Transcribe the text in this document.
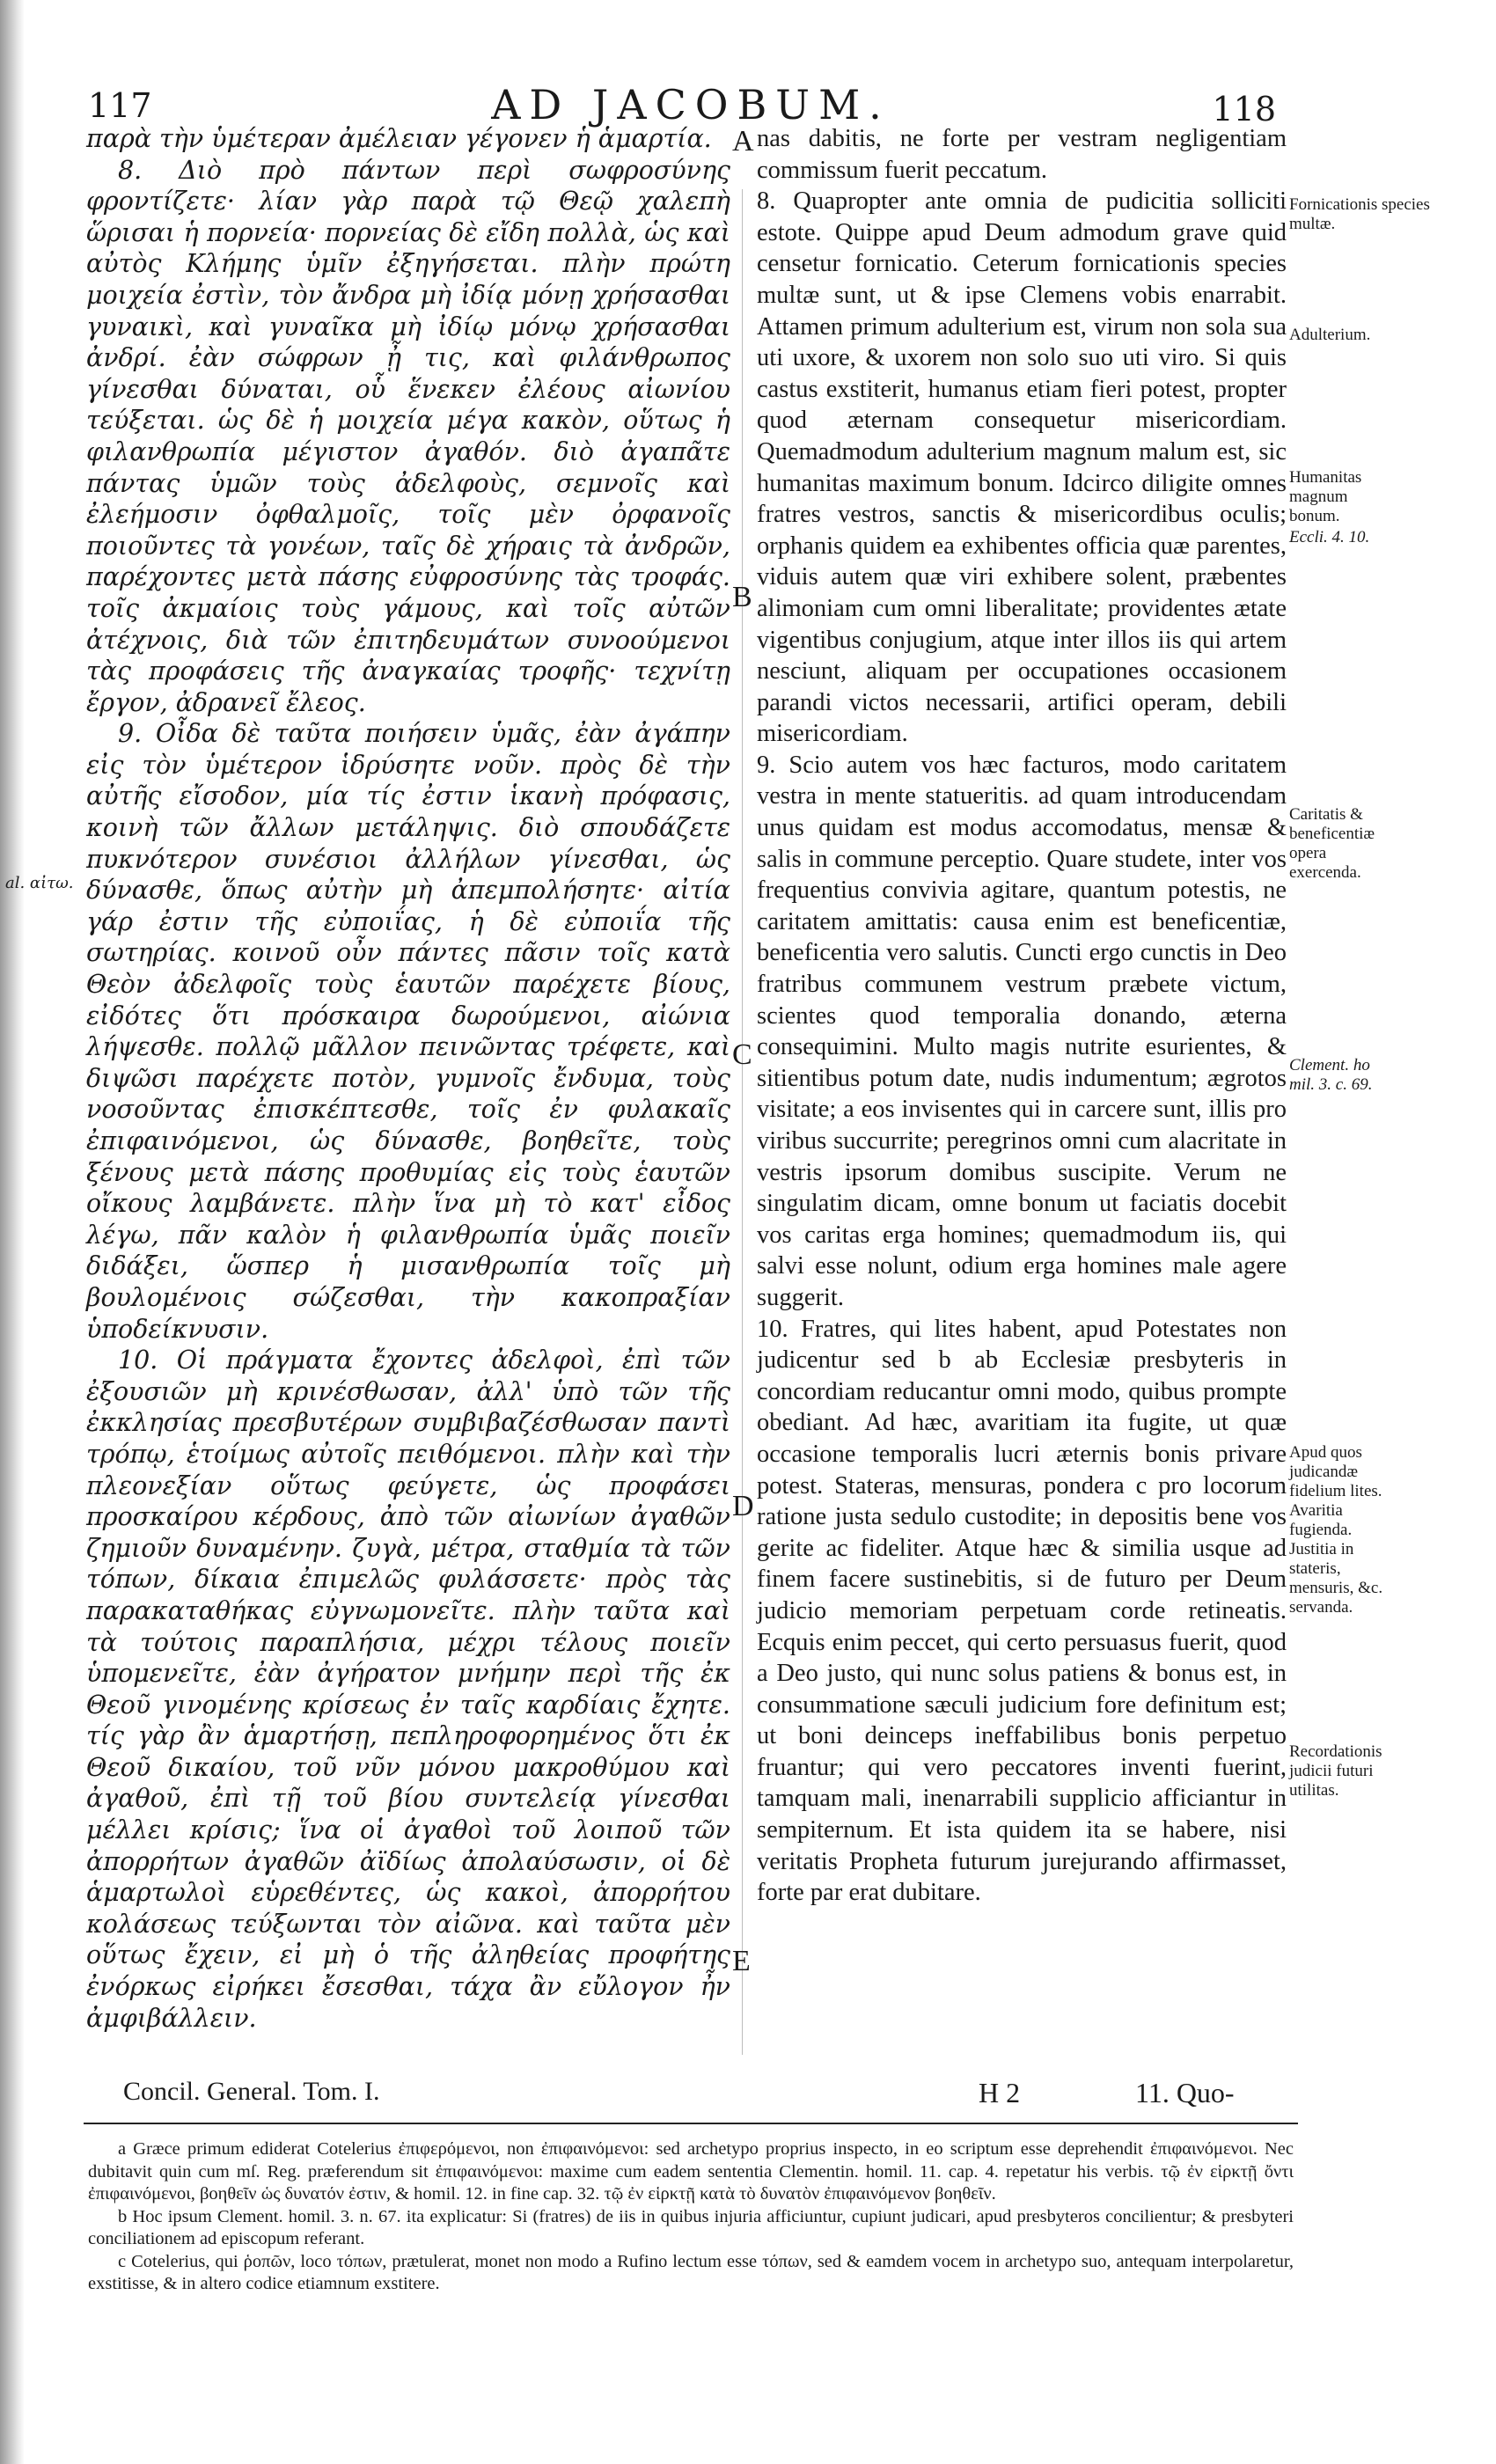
117	AD JACOBUM.	118

παρὰ τὴν ὑμέτεραν ἀμέλειαν γέγονεν ἡ ἁμαρτία.

8. Διὸ πρὸ πάντων περὶ σωφροσύνης φροντίζετε· λίαν γὰρ παρὰ τῷ Θεῷ χαλεπὴ ὥρισαι ἡ πορνεία· πορνείας δὲ εἴδη πολλὰ, ὡς καὶ αὐτὸς Κλήμης ὑμῖν ἐξηγήσεται. πλὴν πρώτη μοιχεία ἐστὶν, τὸν ἄνδρα μὴ ἰδίᾳ μόνῃ χρήσασθαι γυναικὶ, καὶ γυναῖκα μὴ ἰδίῳ μόνῳ χρήσασθαι ἀνδρί. ἐὰν σώφρων ᾖ τις, καὶ φιλάνθρωπος γίνεσθαι δύναται, οὗ ἕνεκεν ἐλέους αἰωνίου τεύξεται. ὡς δὲ ἡ μοιχεία μέγα κακὸν, οὕτως ἡ φιλανθρωπία μέγιστον ἀγαθόν. διὸ ἀγαπᾶτε πάντας ὑμῶν τοὺς ἀδελφοὺς, σεμνοῖς καὶ ἐλεήμοσιν ὀφθαλμοῖς, τοῖς μὲν ὀρφανοῖς ποιοῦντες τὰ γονέων, ταῖς δὲ χήραις τὰ ἀνδρῶν, παρέχοντες μετὰ πάσης εὐφροσύνης τὰς τροφάς. τοῖς ἀκμαίοις τοὺς γάμους, καὶ τοῖς αὐτῶν ἀτέχνοις, διὰ τῶν ἐπιτηδευμάτων συνοούμενοι τὰς προφάσεις τῆς ἀναγκαίας τροφῆς· τεχνίτῃ ἔργον, ἀδρανεῖ ἔλεος.

9. Οἶδα δὲ ταῦτα ποιήσειν ὑμᾶς, ἐὰν ἀγάπην εἰς τὸν ὑμέτερον ἱδρύσητε νοῦν. πρὸς δὲ τὴν αὐτῆς εἴσοδον, μία τίς ἐστιν ἱκανὴ πρόφασις, κοινὴ τῶν ἄλλων μετάληψις. διὸ σπουδάζετε πυκνότερον συνέσιοι ἀλλήλων γίνεσθαι, ὡς δύνασθε, ὅπως αὐτὴν μὴ ἀπεμπολήσητε· αἰτία γάρ ἐστιν τῆς εὐποιΐας, ἡ δὲ εὐποιΐα τῆς σωτηρίας. κοινοῦ οὖν πάντες πᾶσιν τοῖς κατὰ Θεὸν ἀδελφοῖς τοὺς ἑαυτῶν παρέχετε βίους, εἰδότες ὅτι πρόσκαιρα δωρούμενοι, αἰώνια λήψεσθε. πολλῷ μᾶλλον πεινῶντας τρέφετε, καὶ διψῶσι παρέχετε ποτὸν, γυμνοῖς ἔνδυμα, τοὺς νοσοῦντας ἐπισκέπτεσθε, τοῖς ἐν φυλακαῖς ἐπιφαινόμενοι, ὡς δύνασθε, βοηθεῖτε, τοὺς ξένους μετὰ πάσης προθυμίας εἰς τοὺς ἑαυτῶν οἴκους λαμβάνετε. πλὴν ἵνα μὴ τὸ κατ' εἶδος λέγω, πᾶν καλὸν ἡ φιλανθρωπία ὑμᾶς ποιεῖν διδάξει, ὥσπερ ἡ μισανθρωπία τοῖς μὴ βουλομένοις σώζεσθαι, τὴν κακοπραξίαν ὑποδείκνυσιν.

10. Οἱ πράγματα ἔχοντες ἀδελφοὶ, ἐπὶ τῶν ἐξουσιῶν μὴ κρινέσθωσαν, ἀλλ' ὑπὸ τῶν τῆς ἐκκλησίας πρεσβυτέρων συμβιβαζέσθωσαν παντὶ τρόπῳ, ἑτοίμως αὐτοῖς πειθόμενοι. πλὴν καὶ τὴν πλεονεξίαν οὕτως φεύγετε, ὡς προφάσει προσκαίρου κέρδους, ἀπὸ τῶν αἰωνίων ἀγαθῶν ζημιοῦν δυναμένην. ζυγὰ, μέτρα, σταθμία τὰ τῶν τόπων, δίκαια ἐπιμελῶς φυλάσσετε· πρὸς τὰς παρακαταθήκας εὐγνωμονεῖτε. πλὴν ταῦτα καὶ τὰ τούτοις παραπλήσια, μέχρι τέλους ποιεῖν ὑπομενεῖτε, ἐὰν ἀγήρατον μνήμην περὶ τῆς ἐκ Θεοῦ γινομένης κρίσεως ἐν ταῖς καρδίαις ἔχητε. τίς γὰρ ἂν ἁμαρτήσῃ, πεπληροφορημένος ὅτι ἐκ Θεοῦ δικαίου, τοῦ νῦν μόνου μακροθύμου καὶ ἀγαθοῦ, ἐπὶ τῇ τοῦ βίου συντελείᾳ γίνεσθαι μέλλει κρίσις; ἵνα οἱ ἀγαθοὶ τοῦ λοιποῦ τῶν ἀπορρήτων ἀγαθῶν ἀϊδίως ἀπολαύσωσιν, οἱ δὲ ἁμαρτωλοὶ εὑρεθέντες, ὡς κακοὶ, ἀπορρήτου κολάσεως τεύξωνται τὸν αἰῶνα. καὶ ταῦτα μὲν οὕτως ἔχειν, εἰ μὴ ὁ τῆς ἀληθείας προφήτης ἐνόρκως εἰρήκει ἔσεσθαι, τάχα ἂν εὔλογον ἦν ἀμφιβάλλειν.

A
B
C
D
E

nas dabitis, ne forte per vestram negligentiam commissum fuerit peccatum.

8. Quapropter ante omnia de pudicitia solliciti estote. Quippe apud Deum admodum grave quid censetur fornicatio. Ceterum fornicationis species multæ sunt, ut & ipse Clemens vobis enarrabit. Attamen primum adulterium est, virum non sola sua uti uxore, & uxorem non solo suo uti viro. Si quis castus exstiterit, humanus etiam fieri potest, propter quod æternam consequetur misericordiam. Quemadmodum adulterium magnum malum est, sic humanitas maximum bonum. Idcirco diligite omnes fratres vestros, sanctis & misericordibus oculis; orphanis quidem ea exhibentes officia quæ parentes, viduis autem quæ viri exhibere solent, præbentes alimoniam cum omni liberalitate; providentes ætate vigentibus conjugium, atque inter illos iis qui artem nesciunt, aliquam per occupationes occasionem parandi victos necessarii, artifici operam, debili misericordiam.

9. Scio autem vos hæc facturos, modo caritatem vestra in mente statueritis. ad quam introducendam unus quidam est modus accomodatus, mensæ & salis in commune perceptio. Quare studete, inter vos frequentius convivia agitare, quantum potestis, ne caritatem amittatis: causa enim est beneficentiæ, beneficentia vero salutis. Cuncti ergo cunctis in Deo fratribus communem vestrum præbete victum, scientes quod temporalia donando, æterna consequimini. Multo magis nutrite esurientes, & sitientibus potum date, nudis indumentum; ægrotos visitate; a eos invisentes qui in carcere sunt, illis pro viribus succurrite; peregrinos omni cum alacritate in vestris ipsorum domibus suscipite. Verum ne singulatim dicam, omne bonum ut faciatis docebit vos caritas erga homines; quemadmodum iis, qui salvi esse nolunt, odium erga homines male agere suggerit.

10. Fratres, qui lites habent, apud Potestates non judicentur sed b ab Ecclesiæ presbyteris in concordiam reducantur omni modo, quibus prompte obediant. Ad hæc, avaritiam ita fugite, ut quæ occasione temporalis lucri æternis bonis privare potest. Stateras, mensuras, pondera c pro locorum ratione justa sedulo custodite; in depositis bene vos gerite ac fideliter. Atque hæc & similia usque ad finem facere sustinebitis, si de futuro per Deum judicio memoriam perpetuam corde retineatis. Ecquis enim peccet, qui certo persuasus fuerit, quod a Deo justo, qui nunc solus patiens & bonus est, in consummatione sæculi judicium fore definitum est; ut boni deinceps ineffabilibus bonis perpetuo fruantur; qui vero peccatores inventi fuerint, tamquam mali, inenarrabili supplicio afficiantur in sempiternum. Et ista quidem ita se habere, nisi veritatis Propheta futurum jurejurando affirmasset, forte par erat dubitare.

Fornicationis species multæ.
Adulterium.
Humanitas magnum bonum.
Eccli. 4. 10.
Caritatis & beneficentiæ opera exercenda.
Clement. ho mil. 3. c. 69.
Apud quos judicandæ fidelium lites. Avaritia fugienda. Justitia in stateris, mensuris, &c. servanda.
Recordationis judicii futuri utilitas.
al. αἰτω.
Concil. General. Tom. I.	H 2	11. Quo-

a Græce primum ediderat Cotelerius ἐπιφερόμενοι, non ἐπιφαινόμενοι: sed archetypo proprius inspecto, in eo scriptum esse deprehendit ἐπιφαινόμενοι. Nec dubitavit quin cum mſ. Reg. præferendum sit ἐπιφαινόμενοι: maxime cum eadem sententia Clementin. homil. 11. cap. 4. repetatur his verbis. τῷ ἐν εἱρκτῇ ὄντι ἐπιφαινόμενοι, βοηθεῖν ὡς δυνατόν ἐστιν, & homil. 12. in fine cap. 32. τῷ ἐν εἱρκτῇ κατὰ τὸ δυνατὸν ἐπιφαινόμενον βοηθεῖν.

b Hoc ipsum Clement. homil. 3. n. 67. ita explicatur: Si (fratres) de iis in quibus injuria afficiuntur, cupiunt judicari, apud presbyteros concilientur; & presbyteri conciliationem ad episcopum referant.

c Cotelerius, qui ῥοπῶν, loco τόπων, prætulerat, monet non modo a Rufino lectum esse τόπων, sed & eamdem vocem in archetypo suo, antequam interpolaretur, exstitisse, & in altero codice etiamnum exstitere.
